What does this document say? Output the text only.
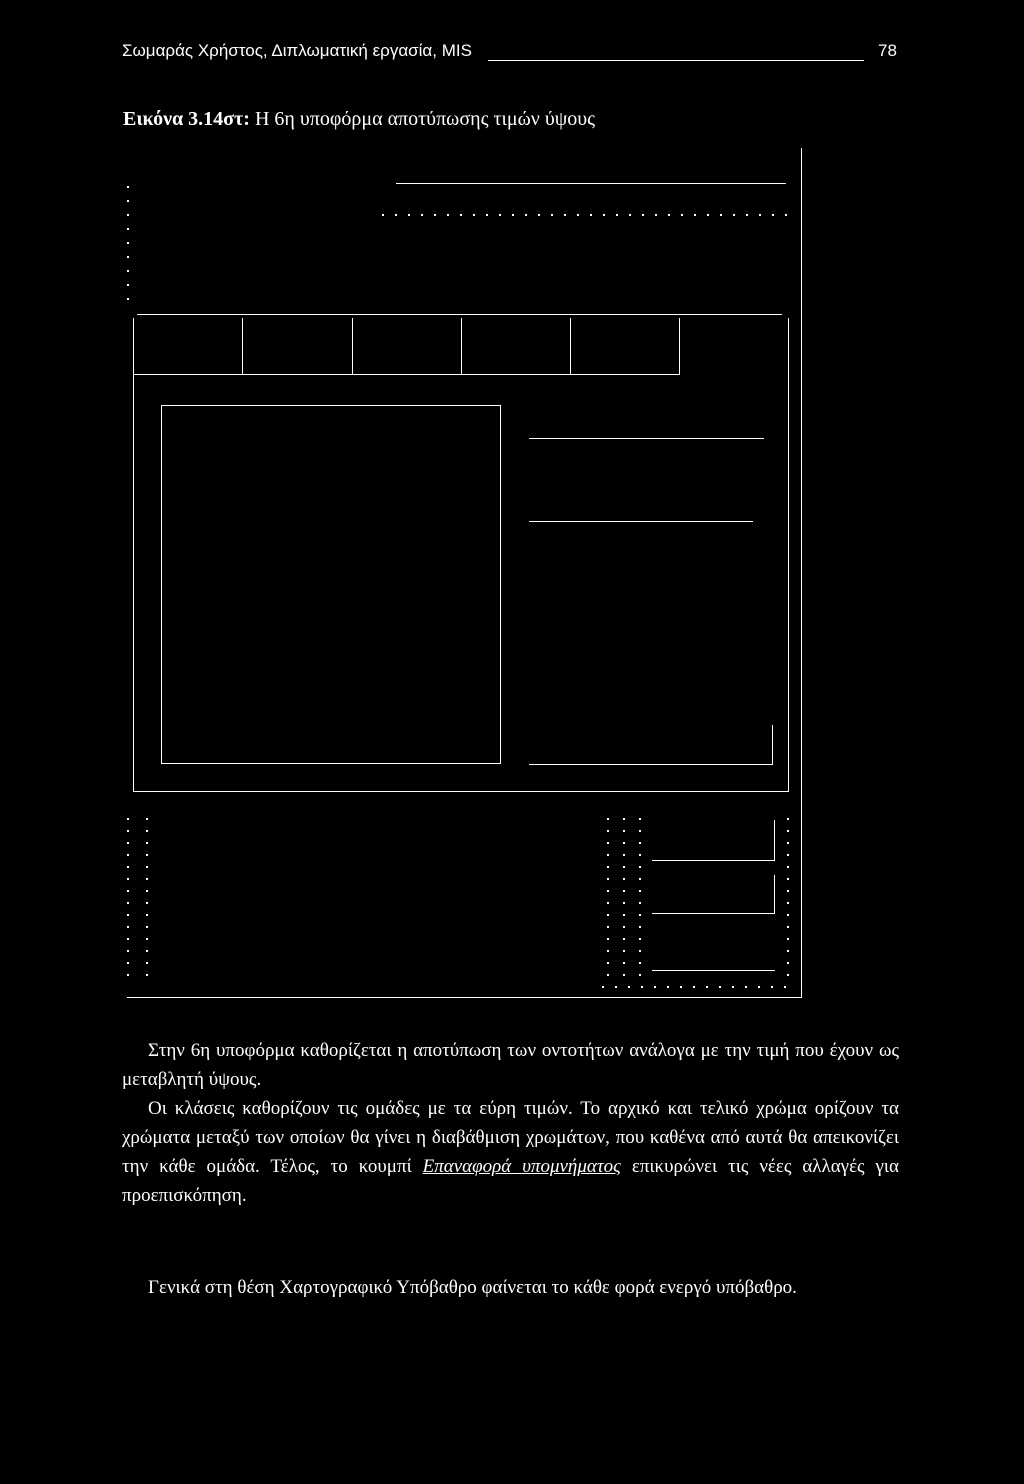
Σωμαράς Χρήστος, Διπλωματική εργασία, MIS	78
Εικόνα 3.14στ: Η 6η υποφόρμα αποτύπωσης τιμών ύψους
Στην 6η υποφόρμα καθορίζεται η αποτύπωση των οντοτήτων ανάλογα με την τιμή που έχουν ως μεταβλητή ύψους.
Οι κλάσεις καθορίζουν τις ομάδες με τα εύρη τιμών. Το αρχικό και τελικό χρώμα ορίζουν τα χρώματα μεταξύ των οποίων θα γίνει η διαβάθμιση χρωμάτων, που καθένα από αυτά θα απεικονίζει την κάθε ομάδα. Τέλος, το κουμπί Επαναφορά υπομνήματος επικυρώνει τις νέες αλλαγές για προεπισκόπηση.
Γενικά στη θέση Χαρτογραφικό Υπόβαθρο φαίνεται το κάθε φορά ενεργό υπόβαθρο.
